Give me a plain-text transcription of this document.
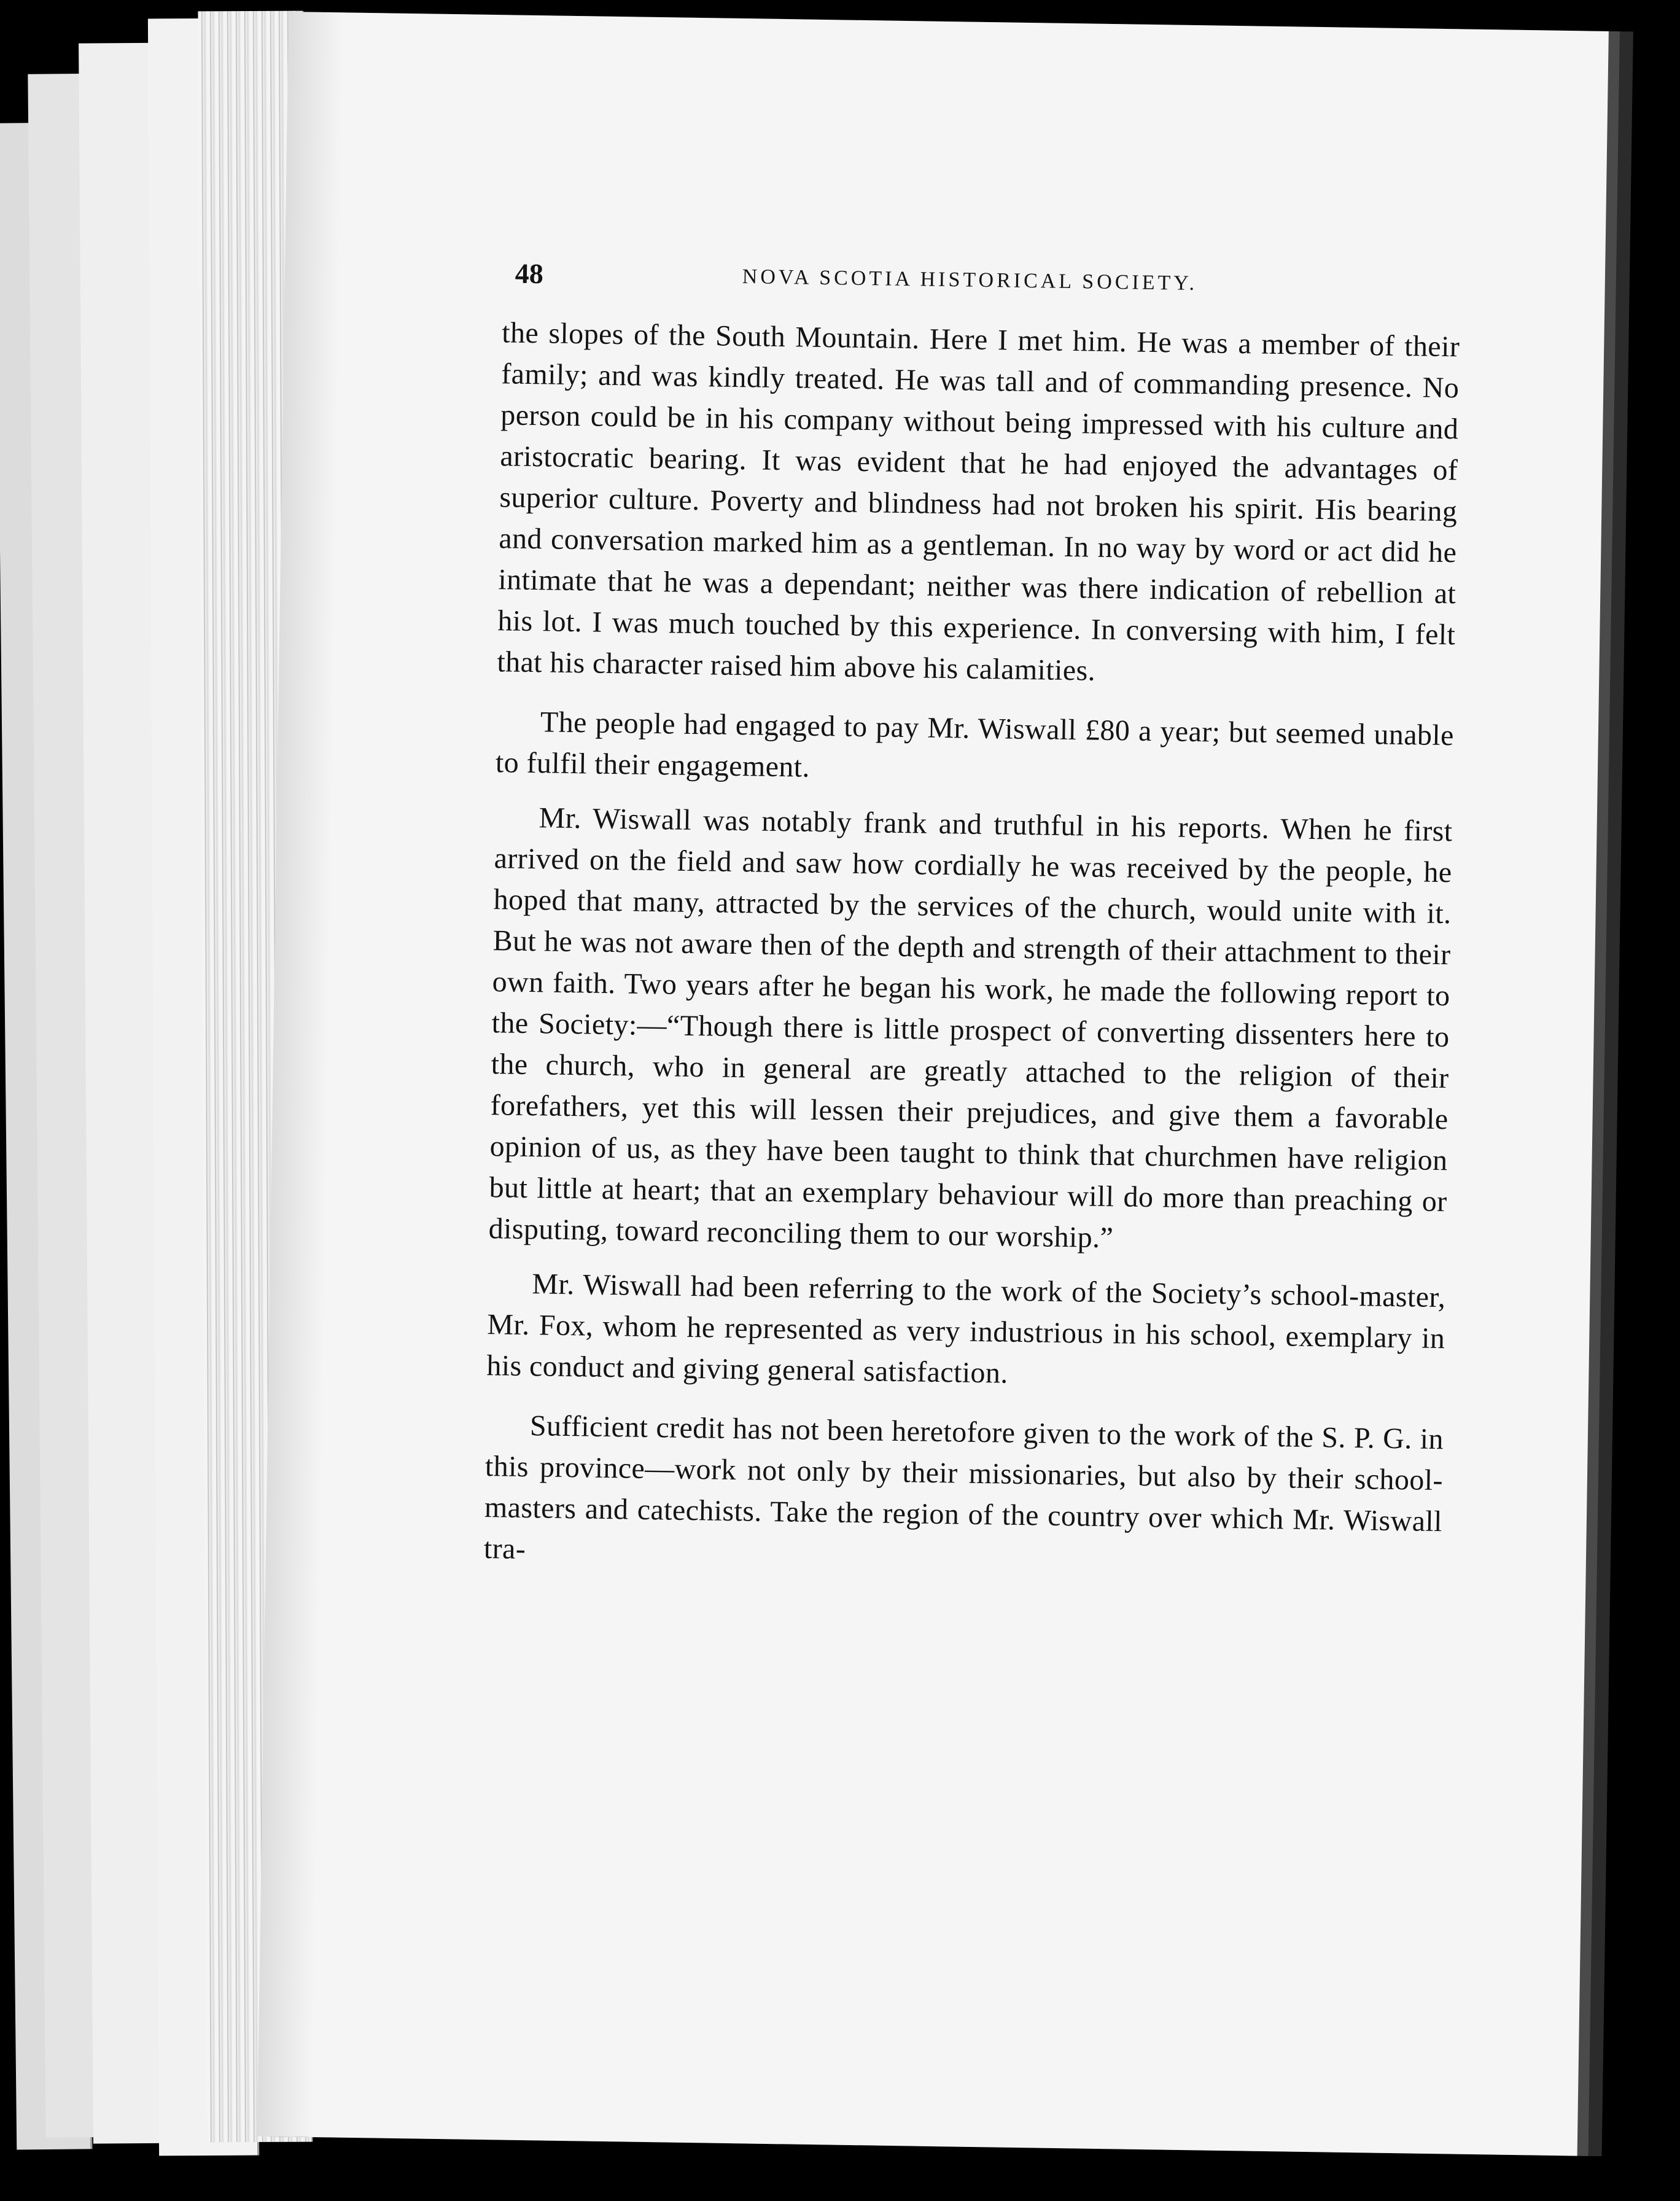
48	NOVA SCOTIA HISTORICAL SOCIETY.

the slopes of the South Mountain. Here I met him. He was a member of their family; and was kindly treated. He was tall and of commanding presence. No person could be in his company without being impressed with his culture and aristocratic bearing. It was evident that he had enjoyed the advantages of superior culture. Poverty and blindness had not broken his spirit. His bearing and conversation marked him as a gentleman. In no way by word or act did he intimate that he was a dependant; neither was there indication of rebellion at his lot. I was much touched by this experience. In conversing with him, I felt that his character raised him above his calamities.

The people had engaged to pay Mr. Wiswall £80 a year; but seemed unable to fulfil their engagement.

Mr. Wiswall was notably frank and truthful in his reports. When he first arrived on the field and saw how cordially he was received by the people, he hoped that many, attracted by the services of the church, would unite with it. But he was not aware then of the depth and strength of their attachment to their own faith. Two years after he began his work, he made the following report to the Society:—“Though there is little prospect of converting dissenters here to the church, who in general are greatly attached to the religion of their forefathers, yet this will lessen their prejudices, and give them a favorable opinion of us, as they have been taught to think that churchmen have religion but little at heart; that an exemplary behaviour will do more than preaching or disputing, toward reconciling them to our worship.”

Mr. Wiswall had been referring to the work of the Society’s school-master, Mr. Fox, whom he represented as very industrious in his school, exemplary in his conduct and giving general satisfaction.

Sufficient credit has not been heretofore given to the work of the S. P. G. in this province—work not only by their missionaries, but also by their school-masters and catechists. Take the region of the country over which Mr. Wiswall tra-
